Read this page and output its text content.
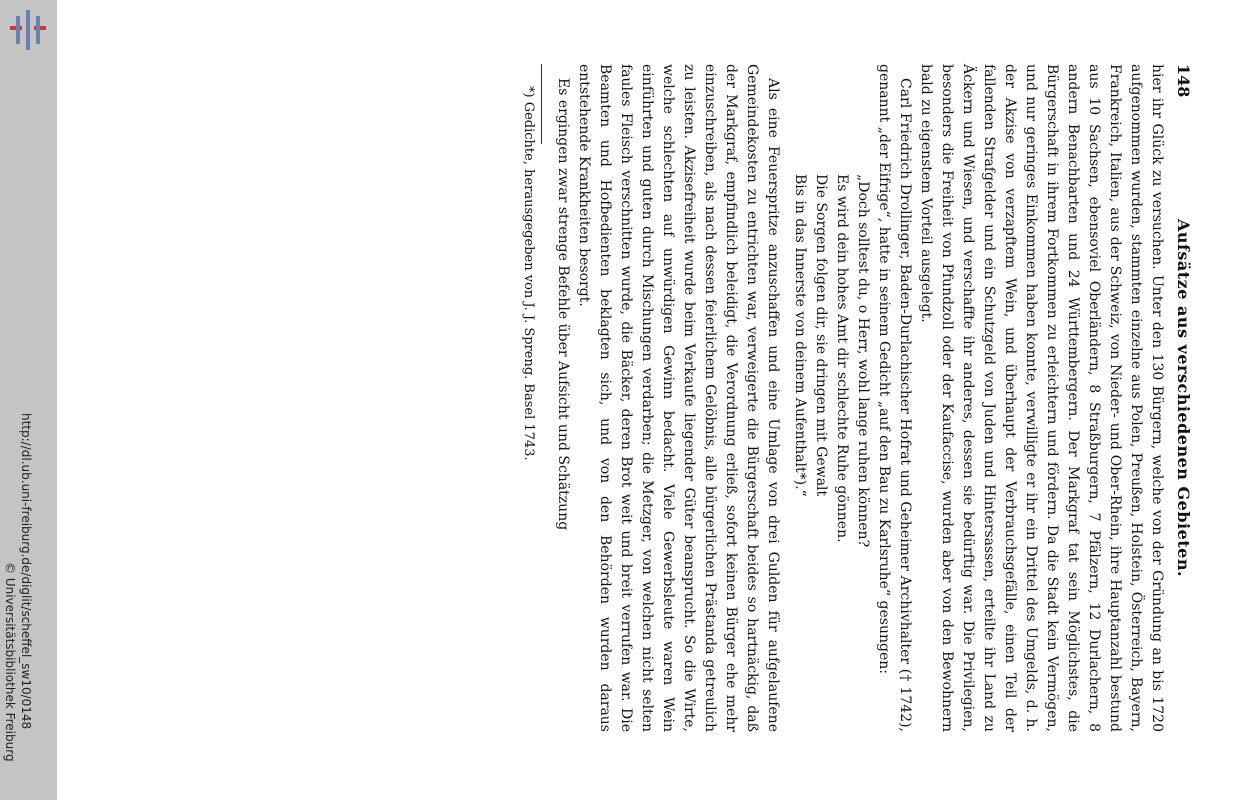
http://dl.ub.uni-freiburg.de/diglit/scheffel_sw10/0148
© Universitätsbibliothek Freiburg
148
Aufsätze aus verschiedenen Gebieten.

hier ihr Glück zu versuchen. Unter den 130 Bürgern, welche von der Gründung an bis 1720 aufgenommen wurden, stammten einzelne aus Polen, Preußen, Holstein, Österreich, Bayern, Frankreich, Italien, aus der Schweiz, von Nieder- und Ober-Rhein, ihre Hauptanzahl bestund aus 10 Sachsen, ebensoviel Oberländern, 8 Straßburgern, 7 Pfälzern, 12 Durlachern, 8 andern Benachbarten und 24 Württembergern. Der Markgraf tat sein Möglichstes, die Bürgerschaft in ihrem Fortkommen zu erleichtern und fördern. Da die Stadt kein Vermögen, und nur geringes Einkommen haben konnte, verwilligte er ihr ein Drittel des Umgelds, d. h. der Akzise von verzapftem Wein, und überhaupt der Verbrauchsgefälle, einen Teil der fallenden Strafgelder und ein Schutzgeld von Juden und Hintersassen, erteilte ihr Land zu Äckern und Wiesen, und verschaffte ihr anderes, dessen sie bedürftig war. Die Privilegien, besonders die Freiheit von Pfundzoll oder der Kaufaccise, wurden aber von den Bewohnern bald zu eigenstem Vorteil ausgelegt.

Carl Friedrich Drollinger, Baden-Durlachischer Hofrat und Geheimer Archivhalter († 1742), genannt „der Eifrige“, hatte in seinem Gedicht „auf den Bau zu Karlsruhe“ gesungen:

„Doch solltest du, o Herr, wohl lange ruhen können?

Es wird dein hohes Amt dir schlechte Ruhe gönnen.

Die Sorgen folgen dir, sie dringen mit Gewalt

Bis in das Innerste von deinem Aufenthalt*).“

Als eine Feuerspritze anzuschaffen und eine Umlage von drei Gulden für aufgelaufene Gemeindekosten zu entrichten war, verweigerte die Bürgerschaft beides so hartnäckig, daß der Markgraf, empfindlich beleidigt, die Verordnung erließ, sofort keinen Bürger ehe mehr einzuschreiben, als nach dessen feierlichem Gelöbnis, alle bürgerlichen Prästanda getreulich zu leisten. Akzisefreiheit wurde beim Verkaufe liegender Güter beansprucht. So die Wirte, welche schlechten auf unwürdigen Gewinn bedacht. Viele Gewerbsleute waren Wein einführten und guten durch Mischungen verdarben; die Metzger, von welchen nicht selten faules Fleisch verschnitten wurde, die Bäcker, deren Brot weit und breit verrufen war. Die Beamten und Hofbedienten beklagten sich, und von den Behörden wurden daraus entstehende Krankheiten besorgt.

Es ergingen zwar strenge Befehle über Aufsicht und Schätzung

*) Gedichte, herausgegeben von J. J. Spreng. Basel 1743.
